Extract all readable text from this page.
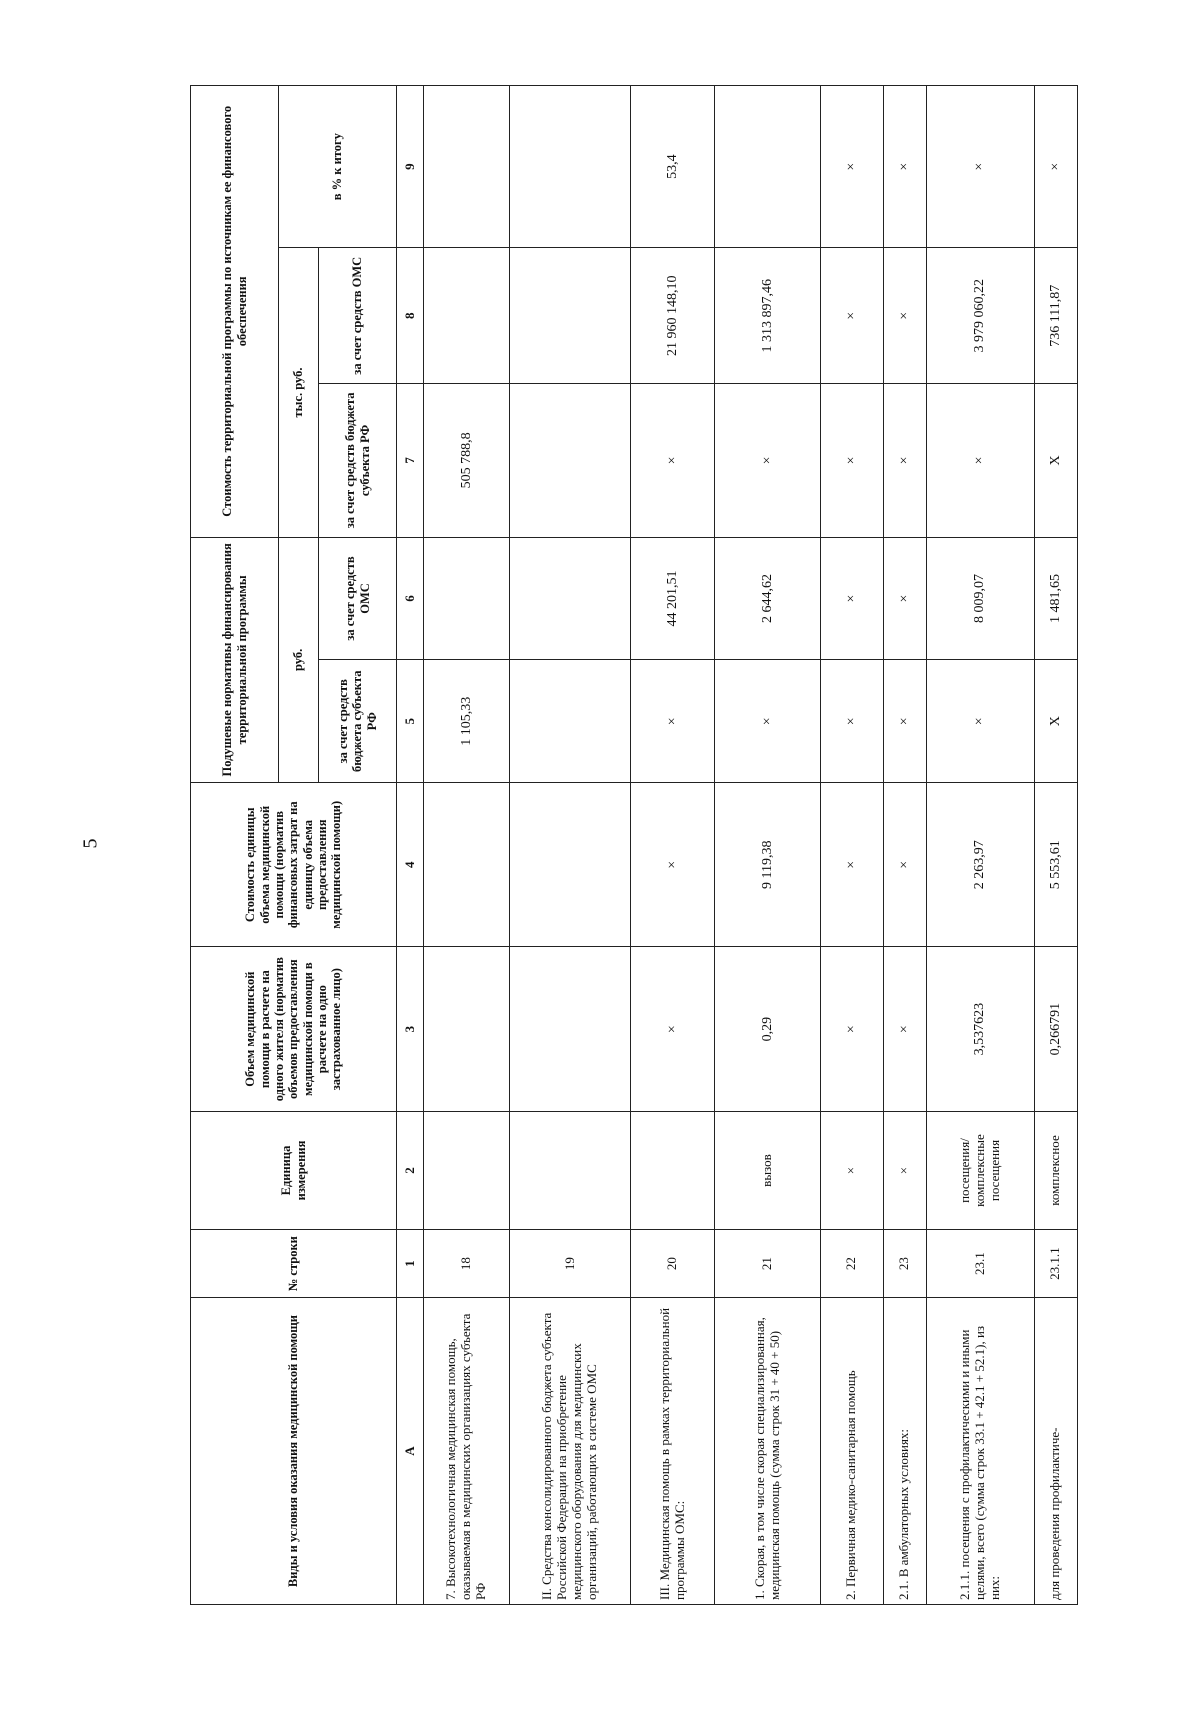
5
Виды и условия оказания медицинской помощи	№ строки	Единица измерения	Объем медицинской помощи в расчете на одного жителя (норматив объемов предоставления медицинской помощи в расчете на одно застрахованное лицо)	Стоимость единицы объема медицинской помощи (норматив финансовых затрат на единицу объема предоставления медицинской помощи)	Подушевые нормативы финансирования территориальной программы		Стоимость территориальной программы по источникам ее финансового обеспечения		
					руб.		тыс. руб.		в % к итогу
					за счет средств бюджета субъекта РФ	за счет средств ОМС	за счет средств бюджета субъекта РФ	за счет средств ОМС	
А	1	2	3	4	5	6	7	8	9
7. Высокотехнологичная медицинская помощь, оказываемая в медицинских организациях субъекта РФ	18				1 105,33		505 788,8		
II. Средства консолидированного бюджета субъекта Российской Федерации на приобретение медицинского оборудования для медицинских организаций, работающих в системе ОМС	19								
III. Медицинская помощь в рамках территориальной программы ОМС:	20		×	×	×	44 201,51	×	21 960 148,10	53,4
1. Скорая, в том числе скорая специализированная, медицинская помощь (сумма строк 31 + 40 + 50)	21	вызов	0,29	9 119,38	×	2 644,62	×	1 313 897,46	
2. Первичная медико-санитарная помощь	22	×	×	×	×	×	×	×	×
2.1. В амбулаторных условиях:	23	×	×	×	×	×	×	×	×
2.1.1. посещения с профилактическими и иными целями, всего (сумма строк 33.1 + 42.1 + 52.1), из них:	23.1	посещения/комплексные посещения	3,537623	2 263,97	×	8 009,07	×	3 979 060,22	×
для проведения профилактиче-	23.1.1	комплексное	0,266791	5 553,61	Х	1 481,65	Х	736 111,87	×
